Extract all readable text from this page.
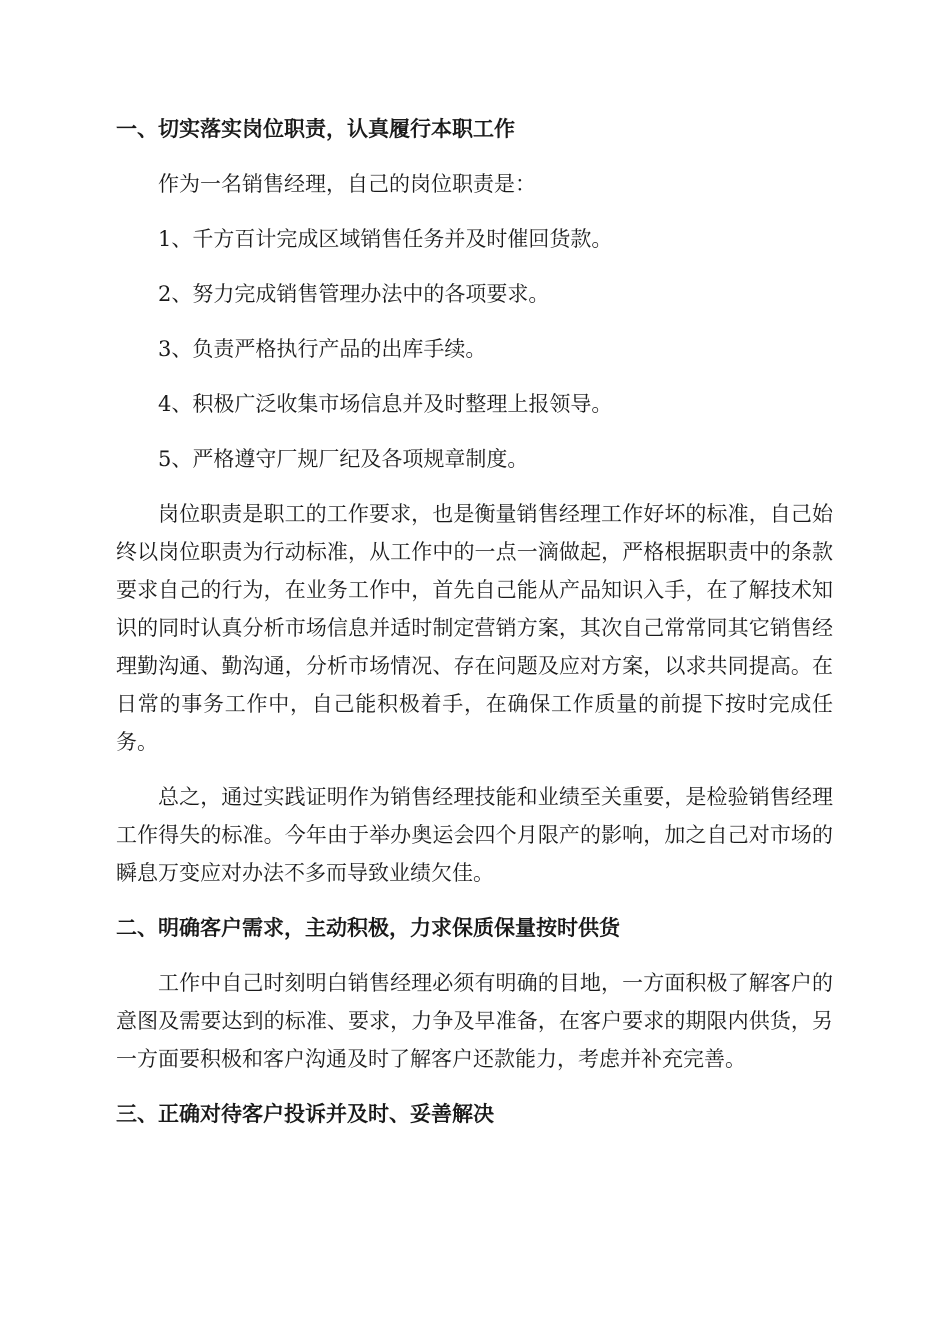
一、切实落实岗位职责，认真履行本职工作

作为一名销售经理，自己的岗位职责是：

1、千方百计完成区域销售任务并及时催回货款。

2、努力完成销售管理办法中的各项要求。

3、负责严格执行产品的出库手续。

4、积极广泛收集市场信息并及时整理上报领导。

5、严格遵守厂规厂纪及各项规章制度。

岗位职责是职工的工作要求，也是衡量销售经理工作好坏的标准，自己始终以岗位职责为行动标准，从工作中的一点一滴做起，严格根据职责中的条款要求自己的行为，在业务工作中，首先自己能从产品知识入手，在了解技术知识的同时认真分析市场信息并适时制定营销方案，其次自己常常同其它销售经理勤沟通、勤沟通，分析市场情况、存在问题及应对方案，以求共同提高。在日常的事务工作中，自己能积极着手，在确保工作质量的前提下按时完成任务。

总之，通过实践证明作为销售经理技能和业绩至关重要，是检验销售经理工作得失的标准。今年由于举办奥运会四个月限产的影响，加之自己对市场的瞬息万变应对办法不多而导致业绩欠佳。

二、明确客户需求，主动积极，力求保质保量按时供货

工作中自己时刻明白销售经理必须有明确的目地，一方面积极了解客户的意图及需要达到的标准、要求，力争及早准备，在客户要求的期限内供货，另一方面要积极和客户沟通及时了解客户还款能力，考虑并补充完善。

三、正确对待客户投诉并及时、妥善解决
